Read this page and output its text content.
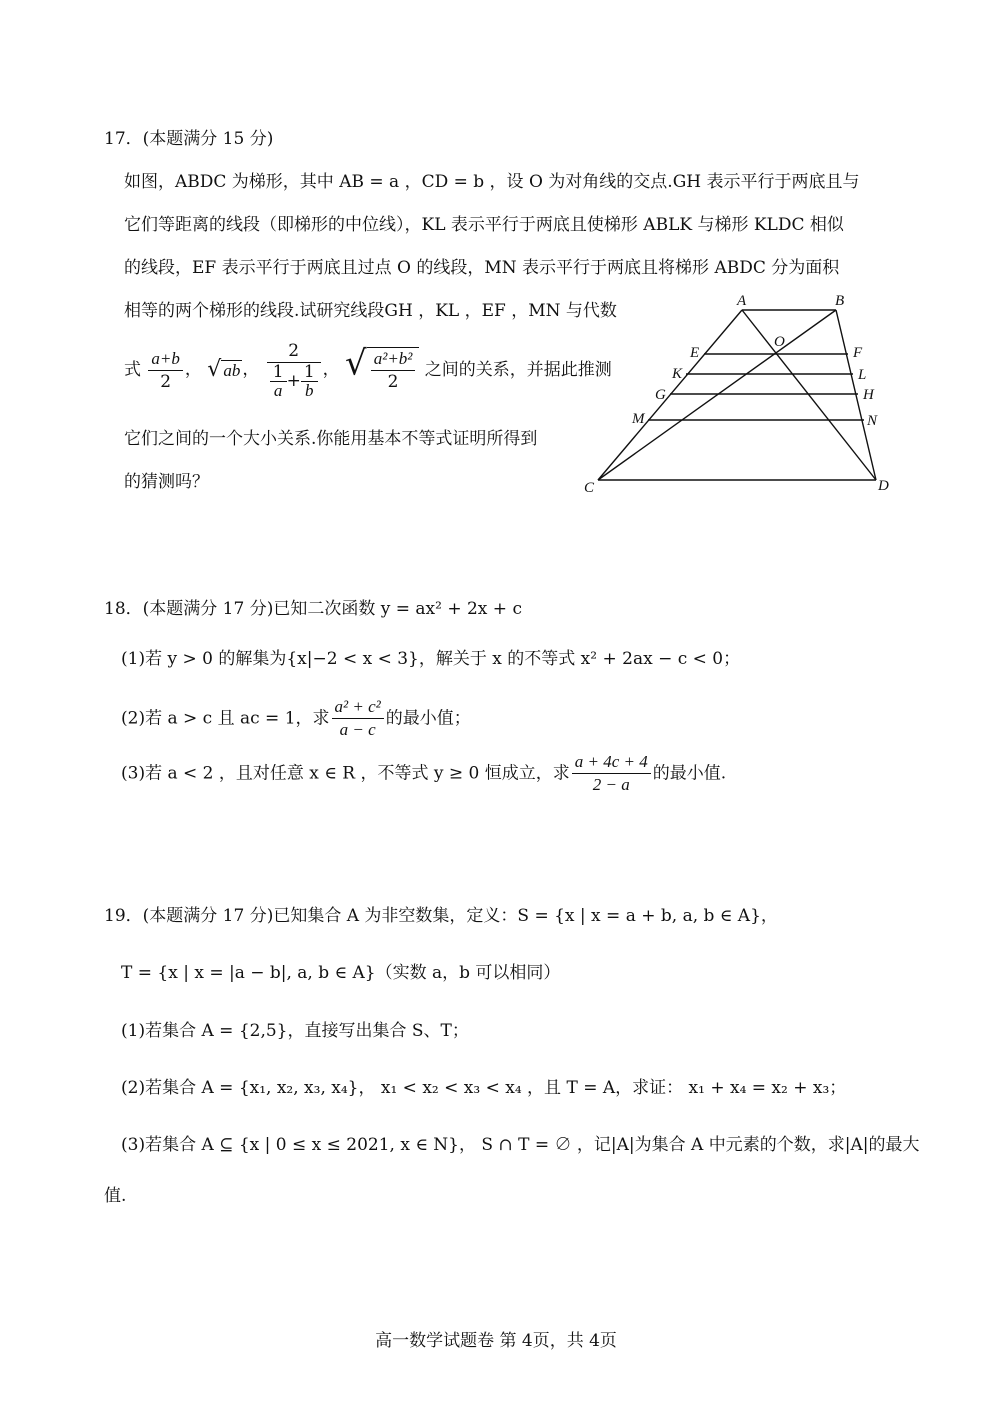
17．(本题满分 15 分)
如图，ABDC 为梯形，其中 AB = a ，CD = b ，设 O 为对角线的交点.GH 表示平行于两底且与
它们等距离的线段（即梯形的中位线），KL 表示平行于两底且使梯形 ABLK 与梯形 KLDC 相似
的线段，EF 表示平行于两底且过点 O 的线段，MN 表示平行于两底且将梯形 ABDC 分为面积
相等的两个梯形的线段.试研究线段GH ，KL ，EF ，MN 与代数
式 $\frac{a+b}{2}$ ， √ ab ， $\frac{2}{\frac{1}{a} + \frac{1}{b}}$ ， √ $\frac{\text{a²+b²}}{2}$ 之间的关系，并据此推测
它们之间的一个大小关系.你能用基本不等式证明所得到
的猜测吗？
A	B
C	D
E	F
K	L
G	H
M	N
O
18．(本题满分 17 分)已知二次函数 y = ax² + 2x + c
(1)若 y > 0 的解集为{x|−2 < x < 3}，解关于 x 的不等式 x² + 2ax − c < 0；
(2)若 a > c 且 ac = 1，求 $\frac{\text{a² + c²}}{a - c}$ 的最小值；
(3)若 a < 2 ，且对任意 x ∈ R ，不等式 y ≥ 0 恒成立，求 $\frac{a + 4c + 4}{2 - a}$ 的最小值.
19．(本题满分 17 分)已知集合 A 为非空数集，定义：S = {x | x = a + b, a, b ∈ A}，
T = {x | x = |a − b|, a, b ∈ A}（实数 a，b 可以相同）
(1)若集合 A = {2,5}，直接写出集合 S、T；
(2)若集合 A = {x₁, x₂, x₃, x₄}， x₁ < x₂ < x₃ < x₄ ，且 T = A，求证： x₁ + x₄ = x₂ + x₃；
(3)若集合 A ⊆ {x | 0 ≤ x ≤ 2021, x ∈ N}， S ∩ T = ∅ ，记|A|为集合 A 中元素的个数，求|A|的最大
值.
高一数学试题卷 第 4页，共 4页
